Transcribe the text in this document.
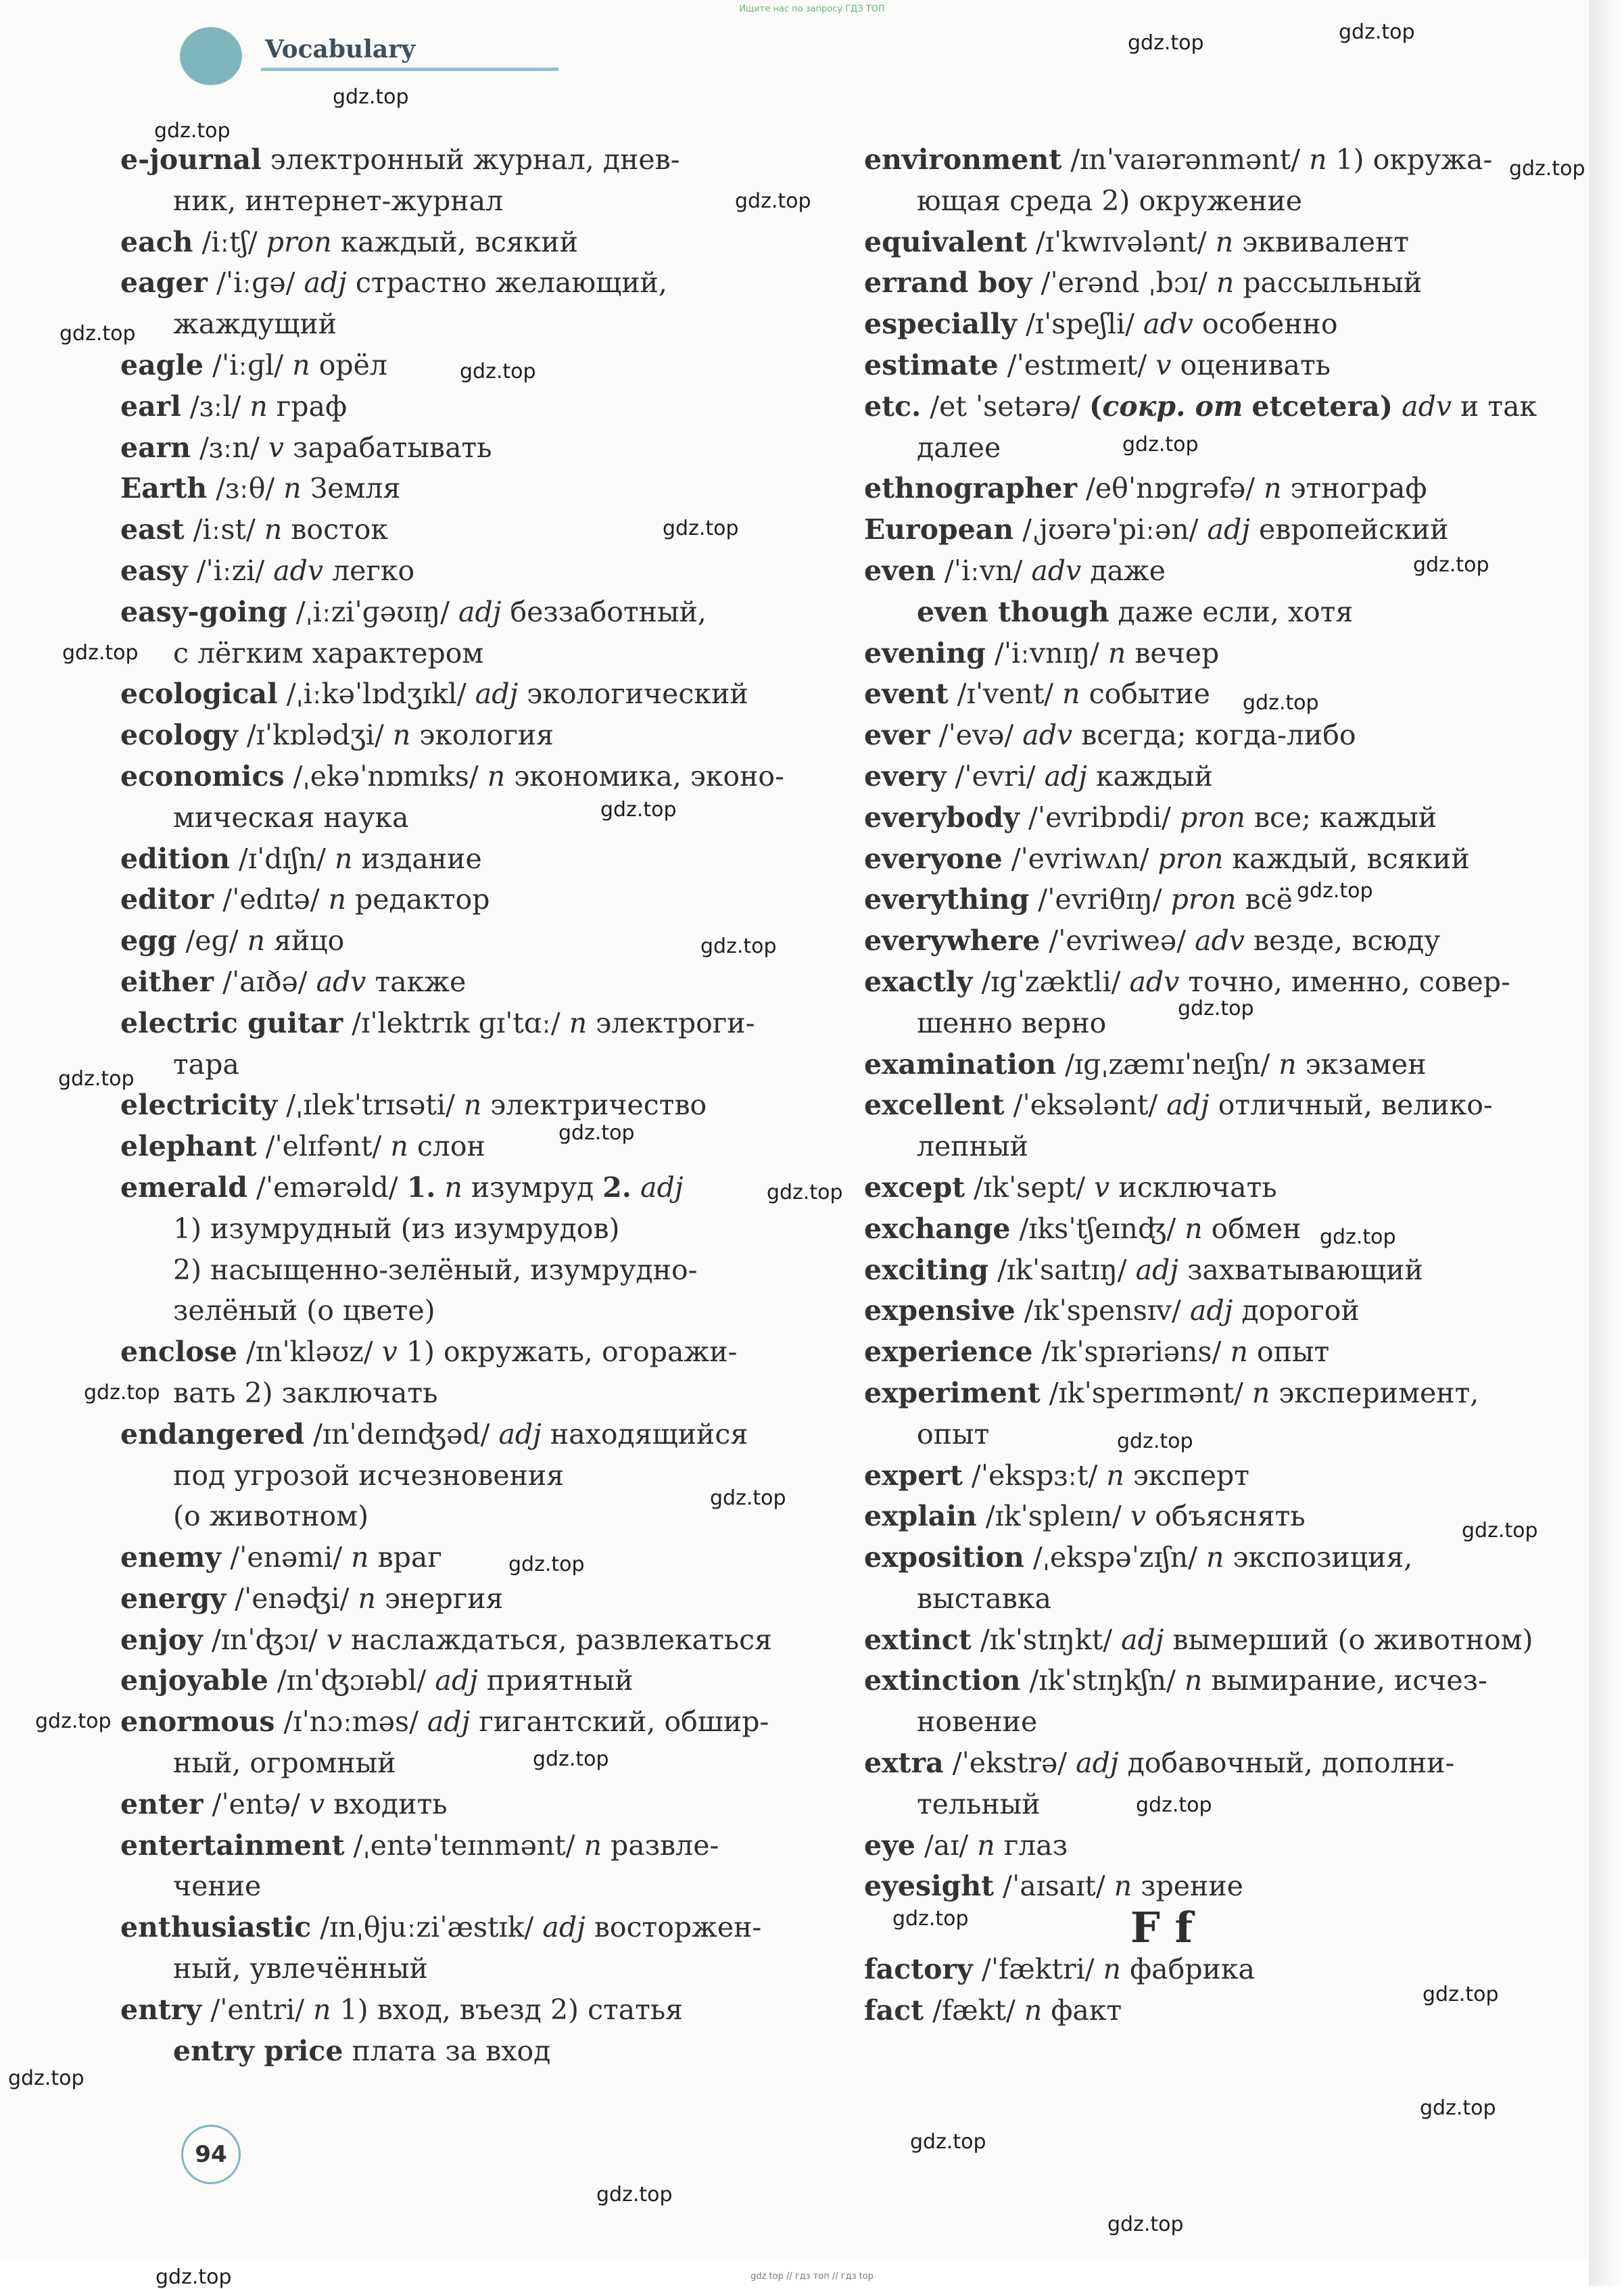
Ищите нас по запросу ГДЗ ТОП
Vocabulary
e-journal электронный журнал, днев-
ник, интернет-журнал
each /iːtʃ/ pron каждый, всякий
eager /ˈiːɡə/ adj страстно желающий,
жаждущий
eagle /ˈiːɡl/ n орёл
earl /ɜːl/ n граф
earn /ɜːn/ v зарабатывать
Earth /ɜːθ/ n Земля
east /iːst/ n восток
easy /ˈiːzi/ adv легко
easy-going /ˌiːziˈɡəʊɪŋ/ adj беззаботный,
с лёгким характером
ecological /ˌiːkəˈlɒdʒɪkl/ adj экологический
ecology /ɪˈkɒlədʒi/ n экология
economics /ˌekəˈnɒmɪks/ n экономика, эконо-
мическая наука
edition /ɪˈdɪʃn/ n издание
editor /ˈedɪtə/ n редактор
egg /eɡ/ n яйцо
either /ˈaɪðə/ adv также
electric guitar /ɪˈlektrɪk ɡɪˈtɑː/ n электроги-
тара
electricity /ˌɪlekˈtrɪsəti/ n электричество
elephant /ˈelɪfənt/ n слон
emerald /ˈemərəld/ 1. n изумруд 2. adj
1) изумрудный (из изумрудов)
2) насыщенно-зелёный, изумрудно-
зелёный (о цвете)
enclose /ɪnˈkləʊz/ v 1) окружать, огоражи-
вать 2) заключать
endangered /ɪnˈdeɪnʤəd/ adj находящийся
под угрозой исчезновения
(о животном)
enemy /ˈenəmi/ n враг
energy /ˈenəʤi/ n энергия
enjoy /ɪnˈʤɔɪ/ v наслаждаться, развлекаться
enjoyable /ɪnˈʤɔɪəbl/ adj приятный
enormous /ɪˈnɔːməs/ adj гигантский, обшир-
ный, огромный
enter /ˈentə/ v входить
entertainment /ˌentəˈteɪnmənt/ n развле-
чение
enthusiastic /ɪnˌθjuːziˈæstɪk/ adj восторжен-
ный, увлечённый
entry /ˈentri/ n 1) вход, въезд 2) статья
entry price плата за вход
environment /ɪnˈvaɪərənmənt/ n 1) окружа-
ющая среда 2) окружение
equivalent /ɪˈkwɪvələnt/ n эквивалент
errand boy /ˈerənd ˌbɔɪ/ n рассыльный
especially /ɪˈspeʃli/ adv особенно
estimate /ˈestɪmeɪt/ v оценивать
etc. /et ˈsetərə/ (сокр. от etcetera) adv и так
далее
ethnographer /eθˈnɒɡrəfə/ n этнограф
European /ˌjʊərəˈpiːən/ adj европейский
even /ˈiːvn/ adv даже
even though даже если, хотя
evening /ˈiːvnɪŋ/ n вечер
event /ɪˈvent/ n событие
ever /ˈevə/ adv всегда; когда-либо
every /ˈevri/ adj каждый
everybody /ˈevribɒdi/ pron все; каждый
everyone /ˈevriwʌn/ pron каждый, всякий
everything /ˈevriθɪŋ/ pron всё
everywhere /ˈevriweə/ adv везде, всюду
exactly /ɪɡˈzæktli/ adv точно, именно, совер-
шенно верно
examination /ɪɡˌzæmɪˈneɪʃn/ n экзамен
excellent /ˈeksələnt/ adj отличный, велико-
лепный
except /ɪkˈsept/ v исключать
exchange /ɪksˈtʃeɪnʤ/ n обмен
exciting /ɪkˈsaɪtɪŋ/ adj захватывающий
expensive /ɪkˈspensɪv/ adj дорогой
experience /ɪkˈspɪəriəns/ n опыт
experiment /ɪkˈsperɪmənt/ n эксперимент,
опыт
expert /ˈekspɜːt/ n эксперт
explain /ɪkˈspleɪn/ v объяснять
exposition /ˌekspəˈzɪʃn/ n экспозиция,
выставка
extinct /ɪkˈstɪŋkt/ adj вымерший (о животном)
extinction /ɪkˈstɪŋkʃn/ n вымирание, исчез-
новение
extra /ˈekstrə/ adj добавочный, дополни-
тельный
eye /aɪ/ n глаз
eyesight /ˈaɪsaɪt/ n зрение
F f
factory /ˈfæktri/ n фабрика
fact /fækt/ n факт
94
gdz.top
gdz.top
gdz.top
gdz.top
gdz.top
gdz.top
gdz.top
gdz.top
gdz.top
gdz.top
gdz.top
gdz.top
gdz.top
gdz.top
gdz.top
gdz.top
gdz.top
gdz.top
gdz.top
gdz.top
gdz.top
gdz.top
gdz.top
gdz.top
gdz.top
gdz.top
gdz.top
gdz.top
gdz.top
gdz.top
gdz.top
gdz.top
gdz.top
gdz.top
gdz.top
gdz.top
gdz.top
gdz top // гдз топ // гдз top
